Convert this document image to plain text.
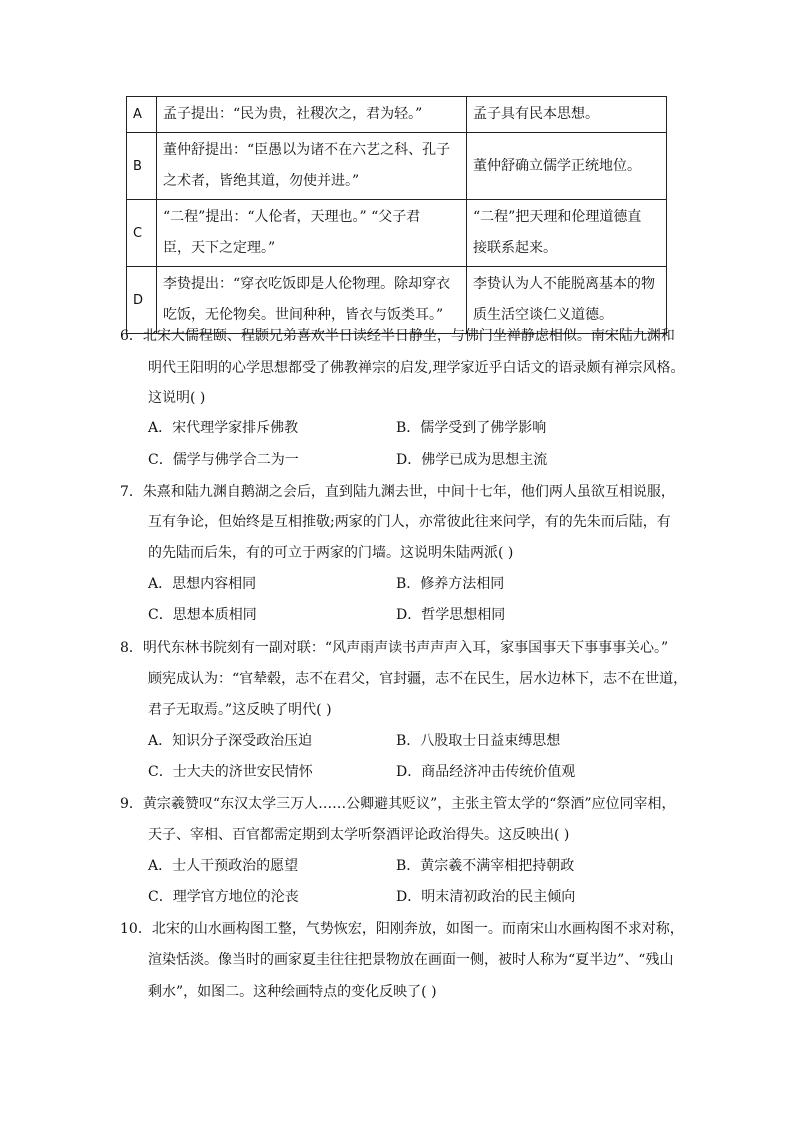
A	孟子提出：“民为贵，社稷次之，君为轻。”	孟子具有民本思想。
B	董仲舒提出：“臣愚以为诸不在六艺之科、孔子
之术者，皆绝其道，勿使并进。”	董仲舒确立儒学正统地位。
C	“二程”提出：“人伦者，天理也。” “父子君
臣，天下之定理。”	“二程”把天理和伦理道德直
接联系起来。
D	李贽提出：“穿衣吃饭即是人伦物理。除却穿衣
吃饭，无伦物矣。世间种种，皆衣与饭类耳。”	李贽认为人不能脱离基本的物
质生活空谈仁义道德。
6．北宋大儒程颐、程颢兄弟喜欢半日读经半日静坐，与佛门坐禅静虑相似。南宋陆九渊和
明代王阳明的心学思想都受了佛教禅宗的启发,理学家近乎白话文的语录颇有禅宗风格。
这说明( )
A．宋代理学家排斥佛教	B．儒学受到了佛学影响
C．儒学与佛学合二为一	D．佛学已成为思想主流
7．朱熹和陆九渊自鹅湖之会后，直到陆九渊去世，中间十七年，他们两人虽欲互相说服，
互有争论，但始终是互相推敬;两家的门人，亦常彼此往来问学，有的先朱而后陆，有
的先陆而后朱，有的可立于两家的门墙。这说明朱陆两派( )
A．思想内容相同	B．修养方法相同
C．思想本质相同	D．哲学思想相同
8．明代东林书院刻有一副对联：“风声雨声读书声声声入耳，家事国事天下事事事关心。”
顾宪成认为：“官辇毂，志不在君父，官封疆，志不在民生，居水边林下，志不在世道，
君子无取焉。”这反映了明代( )
A．知识分子深受政治压迫	B．八股取士日益束缚思想
C．士大夫的济世安民情怀	D．商品经济冲击传统价值观
9．黄宗羲赞叹“东汉太学三万人……公卿避其贬议”，主张主管太学的“祭酒”应位同宰相，
天子、宰相、百官都需定期到太学听祭酒评论政治得失。这反映出( )
A．士人干预政治的愿望	B．黄宗羲不满宰相把持朝政
C．理学官方地位的沦丧	D．明末清初政治的民主倾向
10．北宋的山水画构图工整，气势恢宏，阳刚奔放，如图一。而南宋山水画构图不求对称，
渲染恬淡。像当时的画家夏圭往往把景物放在画面一侧，被时人称为“夏半边”、“残山
剩水”，如图二。这种绘画特点的变化反映了( )
